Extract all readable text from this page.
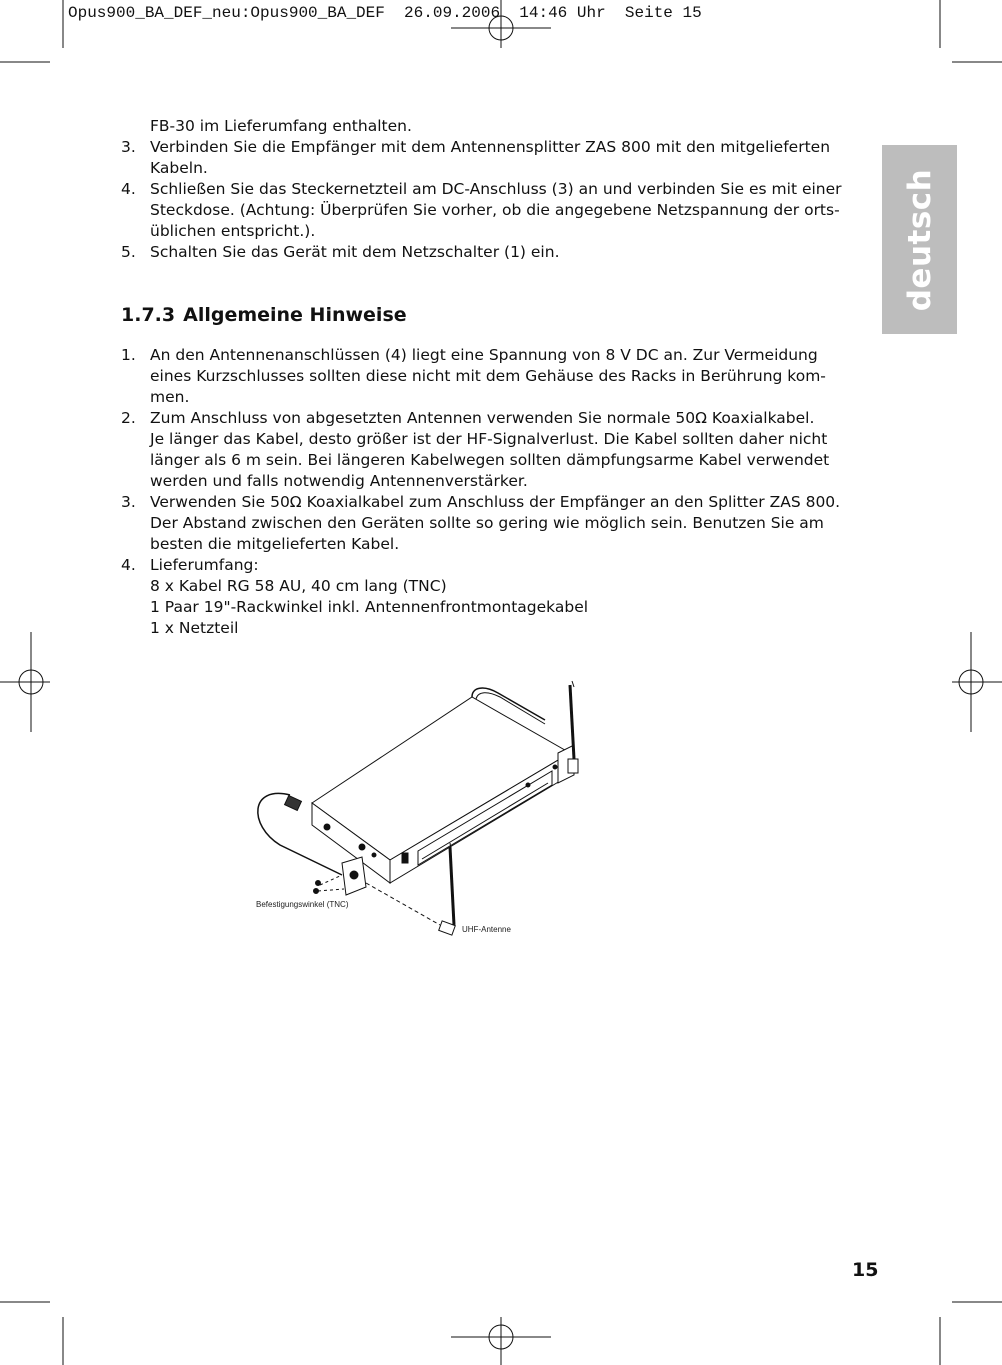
Opus900_BA_DEF_neu:Opus900_BA_DEF  26.09.2006  14:46 Uhr  Seite 15
deutsch
FB-30 im Lieferumfang enthalten.
3. Verbinden Sie die Empfänger mit dem Antennensplitter ZAS 800 mit den mitgelieferten
Kabeln.
4. Schließen Sie das Steckernetzteil am DC-Anschluss (3) an und verbinden Sie es mit einer
Steckdose. (Achtung: Überprüfen Sie vorher, ob die angegebene Netzspannung der orts-
üblichen entspricht.).
5. Schalten Sie das Gerät mit dem Netzschalter (1) ein.
1.7.3 Allgemeine Hinweise
1. An den Antennenanschlüssen (4) liegt eine Spannung von 8 V DC an. Zur Vermeidung
eines Kurzschlusses sollten diese nicht mit dem Gehäuse des Racks in Berührung kom-
men.
2. Zum Anschluss von abgesetzten Antennen verwenden Sie normale 50Ω Koaxialkabel.
Je länger das Kabel, desto größer ist der HF-Signalverlust. Die Kabel sollten daher nicht
länger als 6 m sein. Bei längeren Kabelwegen sollten dämpfungsarme Kabel verwendet
werden und falls notwendig Antennenverstärker.
3. Verwenden Sie 50Ω Koaxialkabel zum Anschluss der Empfänger an den Splitter ZAS 800.
Der Abstand zwischen den Geräten sollte so gering wie möglich sein. Benutzen Sie am
besten die mitgelieferten Kabel.
4. Lieferumfang:
8 x Kabel RG 58 AU, 40 cm lang (TNC)
1 Paar 19"-Rackwinkel inkl. Antennenfrontmontagekabel
1 x Netzteil
Befestigungswinkel (TNC)
UHF-Antenne
15
